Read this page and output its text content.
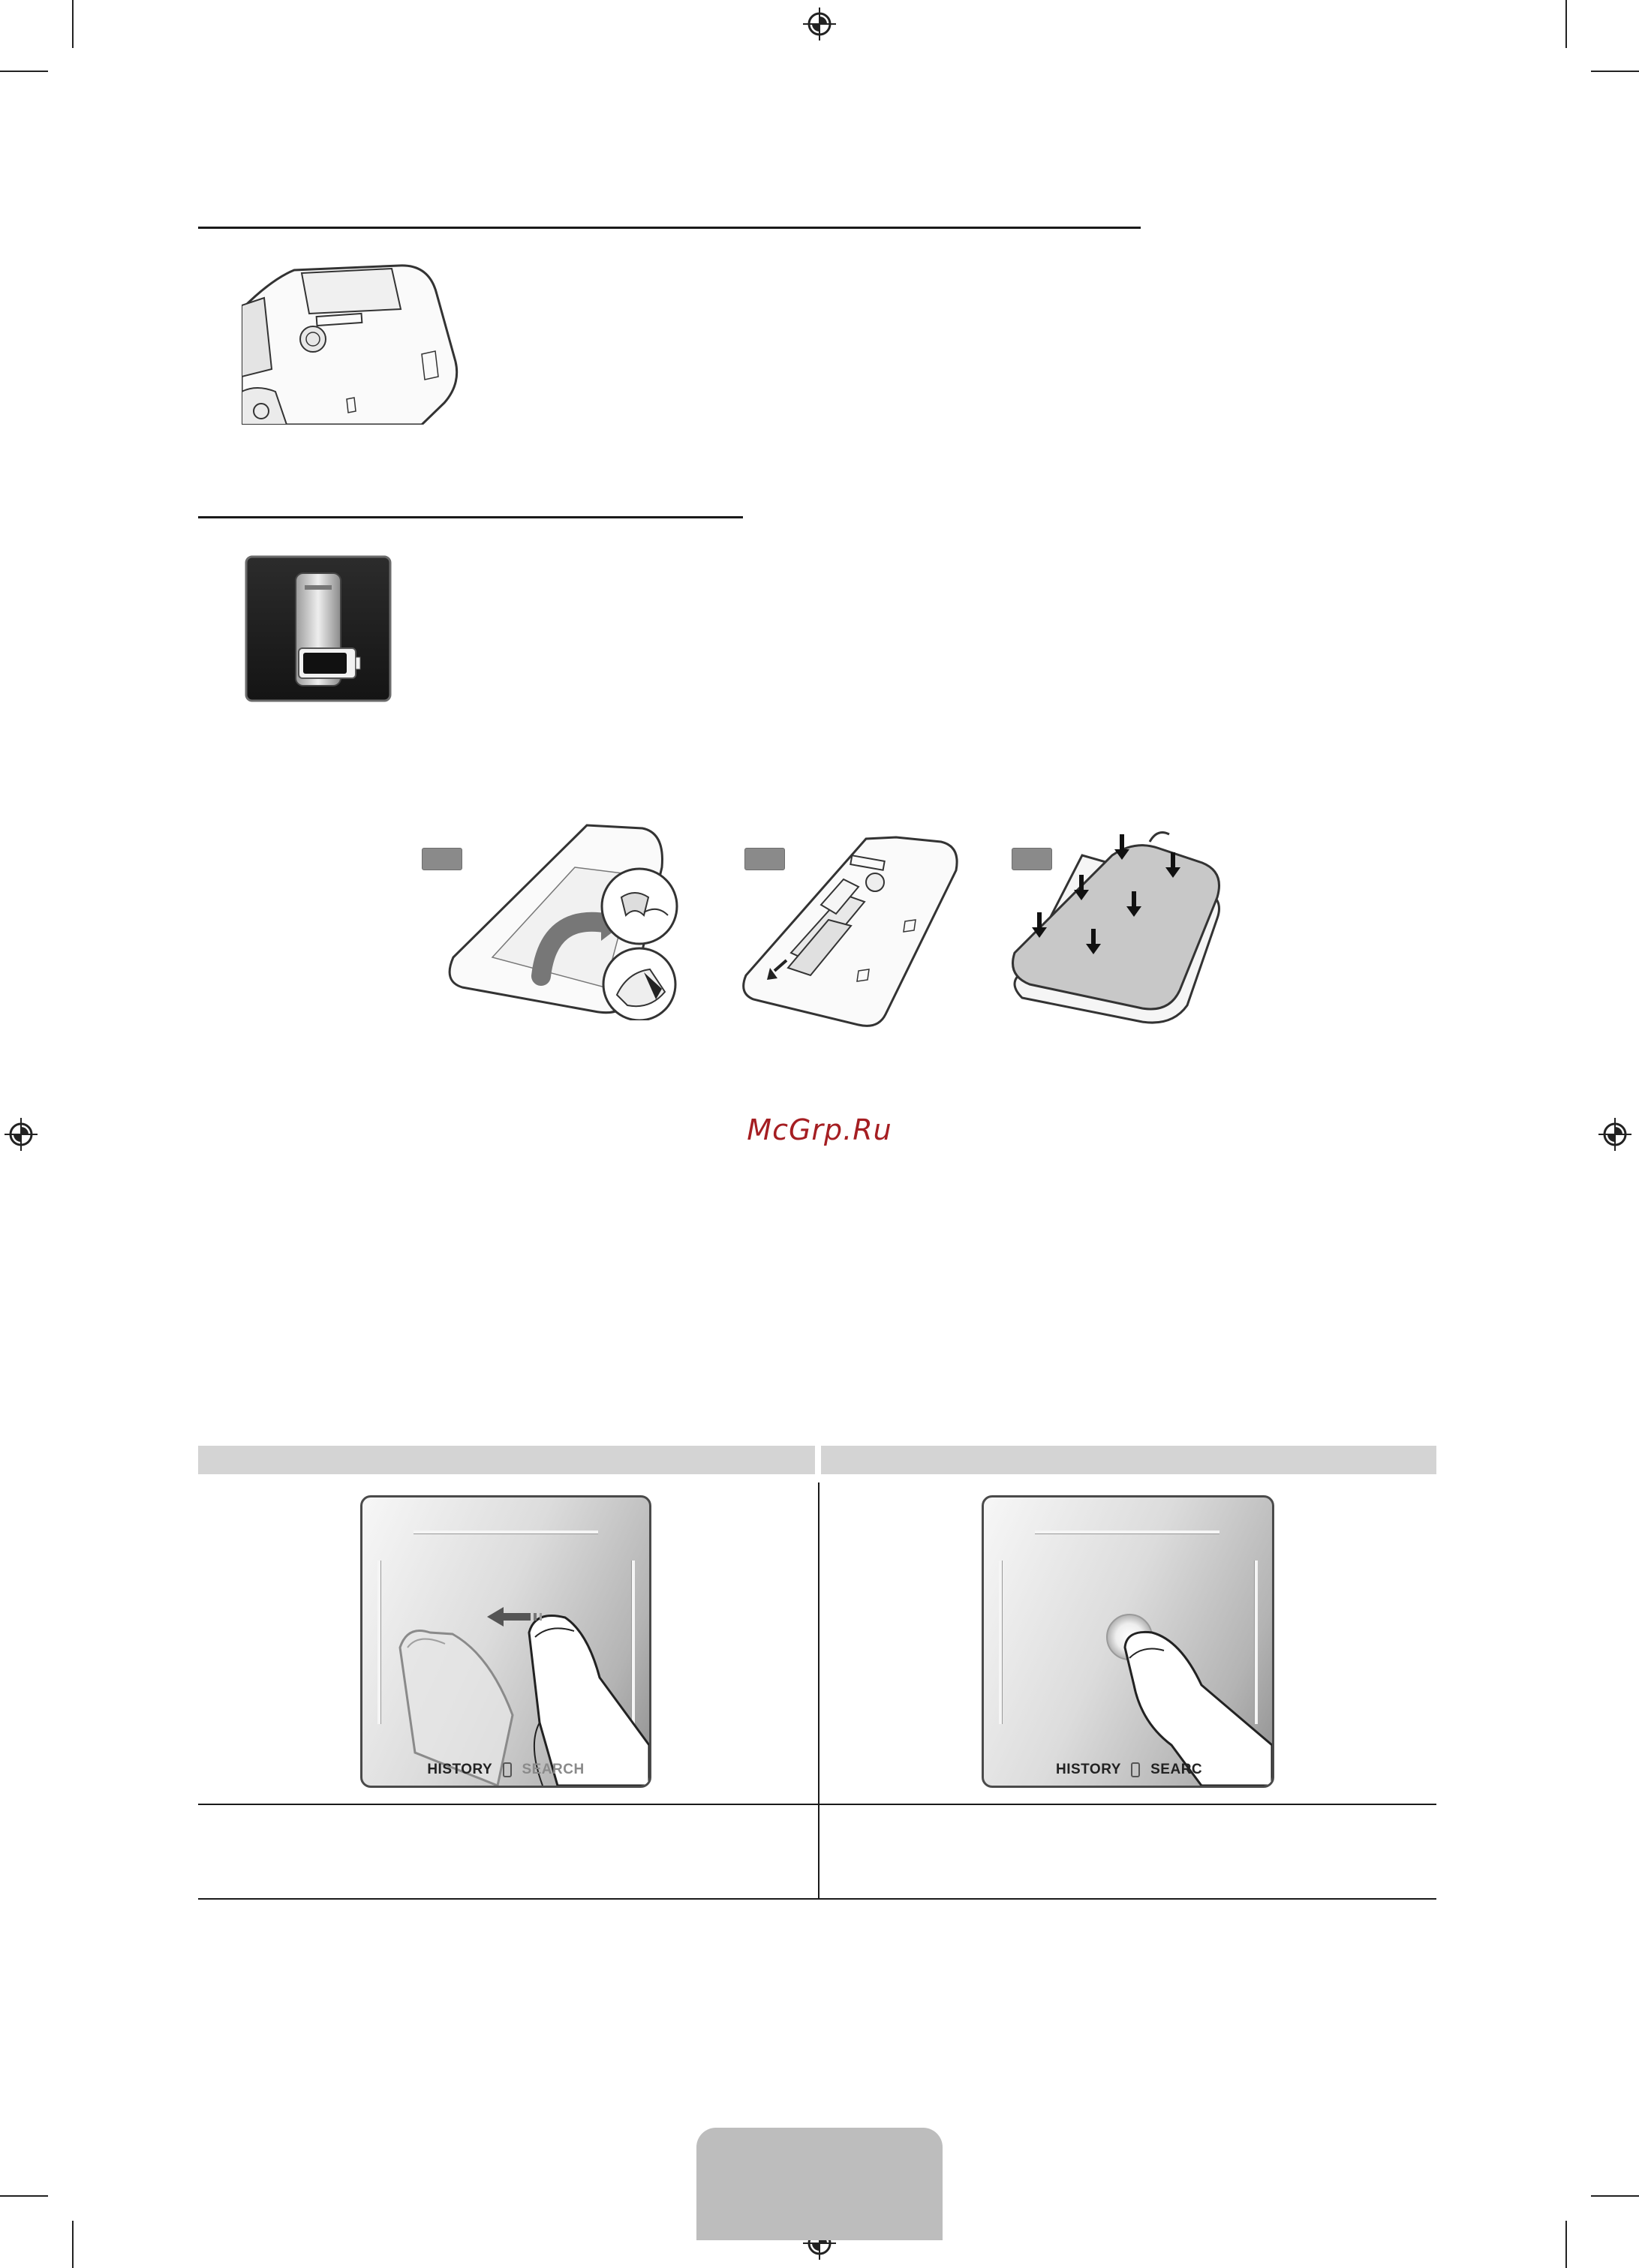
McGrp.Ru
HISTORY SEARCH	HISTORY SEARC
